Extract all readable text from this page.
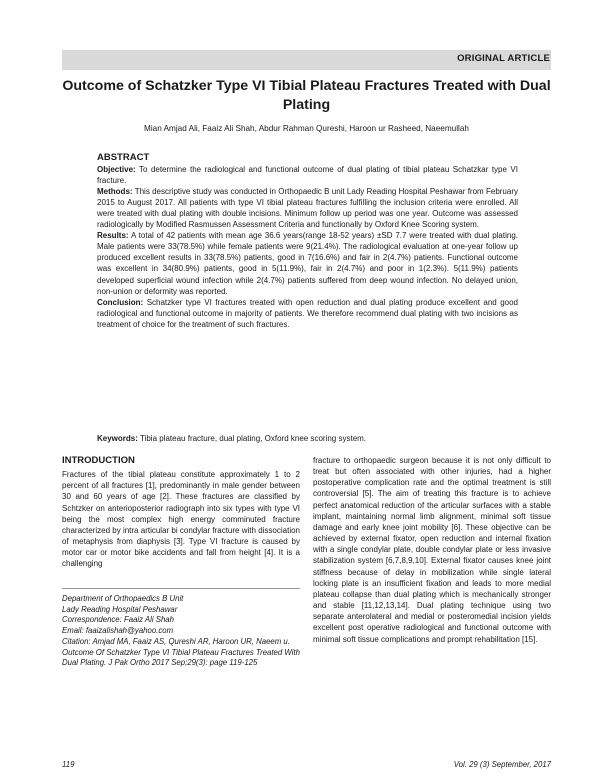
ORIGINAL ARTICLE
Outcome of Schatzker Type VI Tibial Plateau Fractures Treated with Dual Plating
Mian Amjad Ali, Faaiz Ali Shah, Abdur Rahman Qureshi, Haroon ur Rasheed, Naeemullah
ABSTRACT

Objective: To determine the radiological and functional outcome of dual plating of tibial plateau Schatzkar type VI fracture.

Methods: This descriptive study was conducted in Orthopaedic B unit Lady Reading Hospital Peshawar from February 2015 to August 2017. All patients with type VI tibial plateau fractures fulfilling the inclusion criteria were enrolled. All were treated with dual plating with double incisions. Minimum follow up period was one year. Outcome was assessed radiologically by Modified Rasmussen Assessment Criteria and functionally by Oxford Knee Scoring system.

Results: A total of 42 patients with mean age 36.6 years(range 18-52 years) ±SD 7.7 were treated with dual plating. Male patients were 33(78.5%) while female patients were 9(21.4%). The radiological evaluation at one-year follow up produced excellent results in 33(78.5%) patients, good in 7(16.6%) and fair in 2(4.7%) patients. Functional outcome was excellent in 34(80.9%) patients, good in 5(11.9%), fair in 2(4.7%) and poor in 1(2.3%). 5(11.9%) patients developed superficial wound infection while 2(4.7%) patients suffered from deep wound infection. No delayed union, non-union or deformity was reported.

Conclusion: Schatzker type VI fractures treated with open reduction and dual plating produce excellent and good radiological and functional outcome in majority of patients. We therefore recommend dual plating with two incisions as treatment of choice for the treatment of such fractures.

Keywords: Tibia plateau fracture, dual plating, Oxford knee scoring system.
INTRODUCTION

Fractures of the tibial plateau constitute approximately 1 to 2 percent of all fractures [1], predominantly in male gender between 30 and 60 years of age [2]. These fractures are classified by Schtzker on anterioposterior radiograph into six types with type VI being the most complex high energy comminuted fracture characterized by intra articular bi condylar fracture with dissociation of metaphysis from diaphysis [3]. Type VI fracture is caused by motor car or motor bike accidents and fall from height [4]. It is a challenging

fracture to orthopaedic surgeon because it is not only difficult to treat but often associated with other injuries, had a higher postoperative complication rate and the optimal treatment is still controversial [5]. The aim of treating this fracture is to achieve perfect anatomical reduction of the articular surfaces with a stable implant, maintaining normal limb alignment, minimal soft tissue damage and early knee joint mobility [6]. These objective can be achieved by external fixator, open reduction and internal fixation with a single condylar plate, double condylar plate or less invasive stabilization system [6,7,8,9,10]. External fixator causes knee joint stiffness because of delay in mobilization while single lateral locking plate is an insufficient fixation and leads to more medial plateau collapse than dual plating which is mechanically stronger and stable [11,12,13,14]. Dual plating technique using two separate anterolateral and medial or posteromedial incision yields excellent post operative radiological and functional outcome with minimal soft tissue complications and prompt rehabilitation [15].

Department of Orthopaedics B Unit
Lady Reading Hospital Peshawar
Correspondence: Faaiz Ali Shah
Email: faaizalishah@yahoo.com
Citation: Amjad MA, Faaiz AS, Qureshi AR, Haroon UR, Naeem u. Outcome Of Schatzker Type VI Tibial Plateau Fractures Treated With Dual Plating. J Pak Ortho 2017 Sep;29(3): page 119-125
119	Vol. 29 (3) September, 2017
